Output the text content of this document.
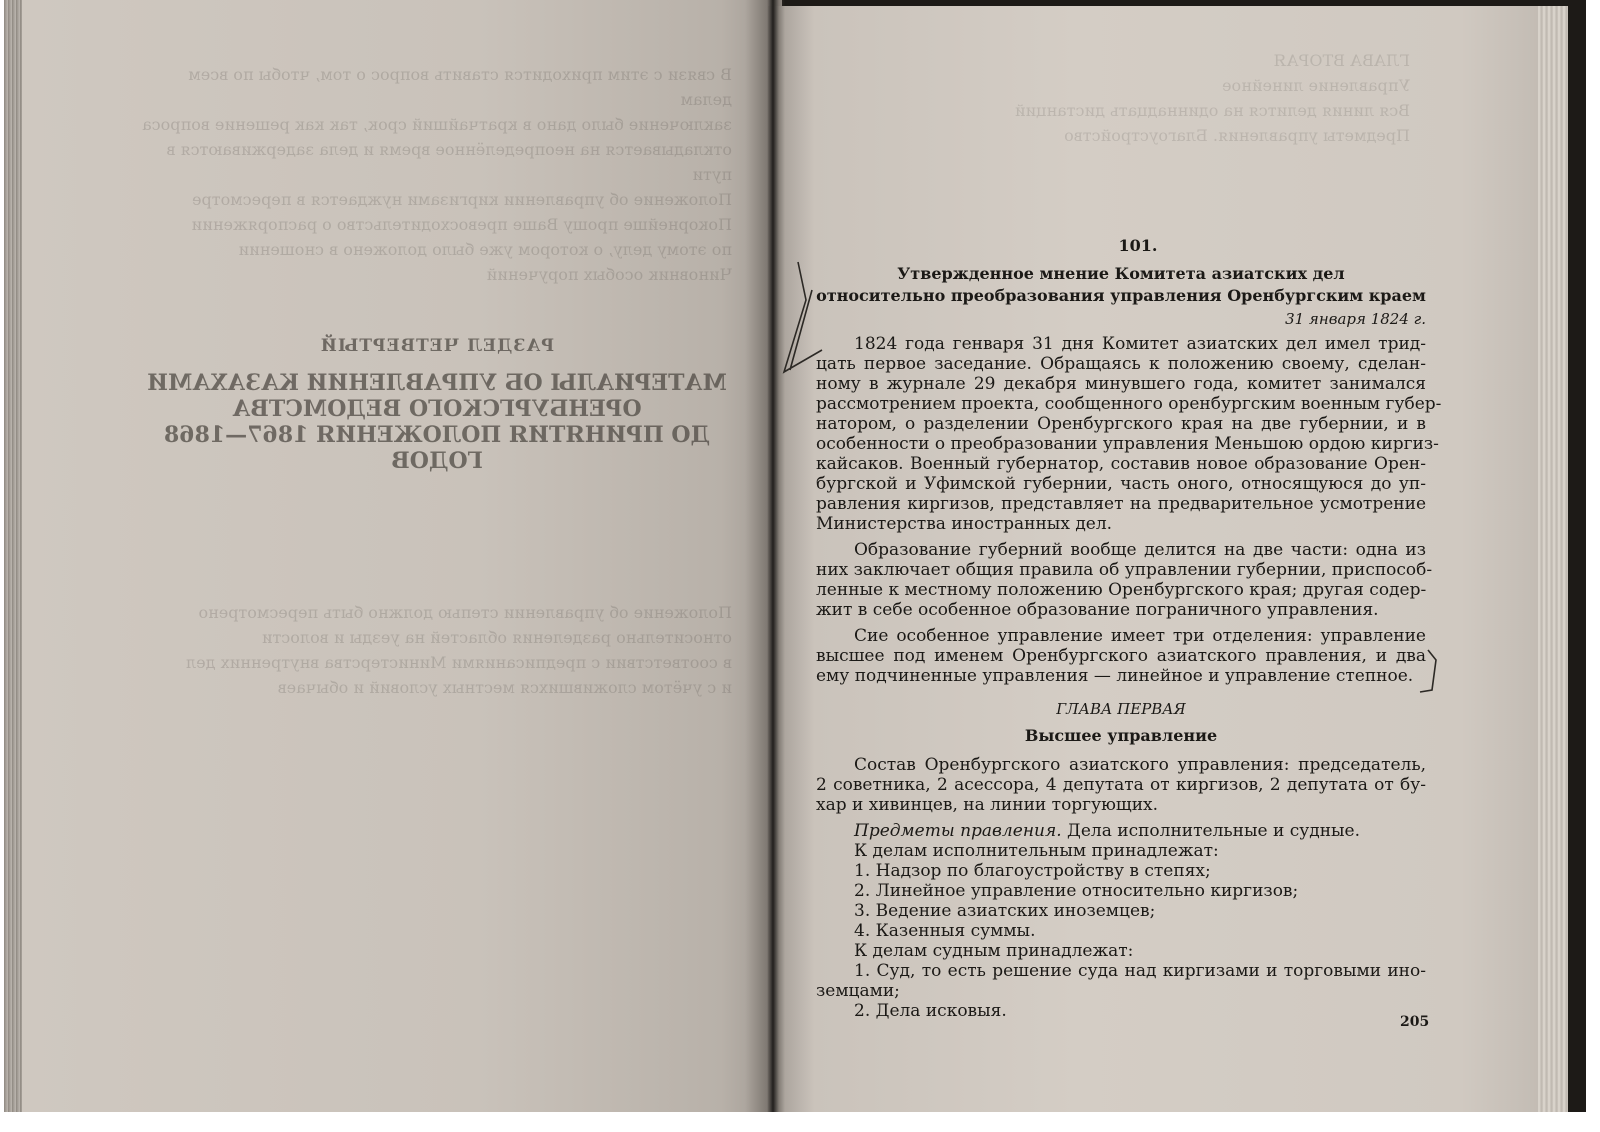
В связи с этим приходится ставить вопрос о том, чтобы по всем делам
заключение было дано в кратчайший срок, так как решение вопроса
откладывается на неопределённое время и дела задерживаются в пути
Положение об управлении киргизами нуждается в пересмотре
Покорнейше прошу Ваше превосходительство о распоряжении
по этому делу, о котором уже было доложено в сношении
Чиновник особых поручений
Положение об управлении степью должно быть пересмотрено
относительно разделения областей на уезды и волости
в соответствии с предписаниями Министерства внутренних дел
и с учётом сложившихся местных условий и обычаев
РАЗДЕЛ ЧЕТВЕРТЫЙ
МАТЕРИАЛЫ ОБ УПРАВЛЕНИИ КАЗАХАМИ
ОРЕНБУРГСКОГО ВЕДОМСТВА
ДО ПРИНЯТИЯ ПОЛОЖЕНИЯ 1867—1868 ГОДОВ
ГЛАВА ВТОРАЯ
Управление линейное
Вся линия делится на одиннадцать дистанций
Предметы управления. Благоустройство
101.
Утвержденное мнение Комитета азиатских дел
относительно преобразования управления Оренбургским краем
31 января 1824 г.
1824 года генваря 31 дня Комитет азиатских дел имел трид-
цать первое заседание. Обращаясь к положению своему, сделан-
ному в журнале 29 декабря минувшего года, комитет занимался
рассмотрением проекта, сообщенного оренбургским военным губер-
натором, о разделении Оренбургского края на две губернии, и в
особенности о преобразовании управления Меньшою ордою киргиз-
кайсаков. Военный губернатор, составив новое образование Орен-
бургской и Уфимской губернии, часть оного, относящуюся до уп-
равления киргизов, представляет на предварительное усмотрение
Министерства иностранных дел.
Образование губерний вообще делится на две части: одна из
них заключает общия правила об управлении губернии, приспособ-
ленные к местному положению Оренбургского края; другая содер-
жит в себе особенное образование пограничного управления.
Сие особенное управление имеет три отделения: управление
высшее под именем Оренбургского азиатского правления, и два
ему подчиненные управления — линейное и управление степное.
ГЛАВА ПЕРВАЯ
Высшее управление
Состав Оренбургского азиатского управления: председатель,
2 советника, 2 асессора, 4 депутата от киргизов, 2 депутата от бу-
хар и хивинцев, на линии торгующих.
Предметы правления. Дела исполнительные и судные.
К делам исполнительным принадлежат:
1. Надзор по благоустройству в степях;
2. Линейное управление относительно киргизов;
3. Ведение азиатских иноземцев;
4. Казенныя суммы.
К делам судным принадлежат:
1. Суд, то есть решение суда над киргизами и торговыми ино-
земцами;
2. Дела исковыя.
205
